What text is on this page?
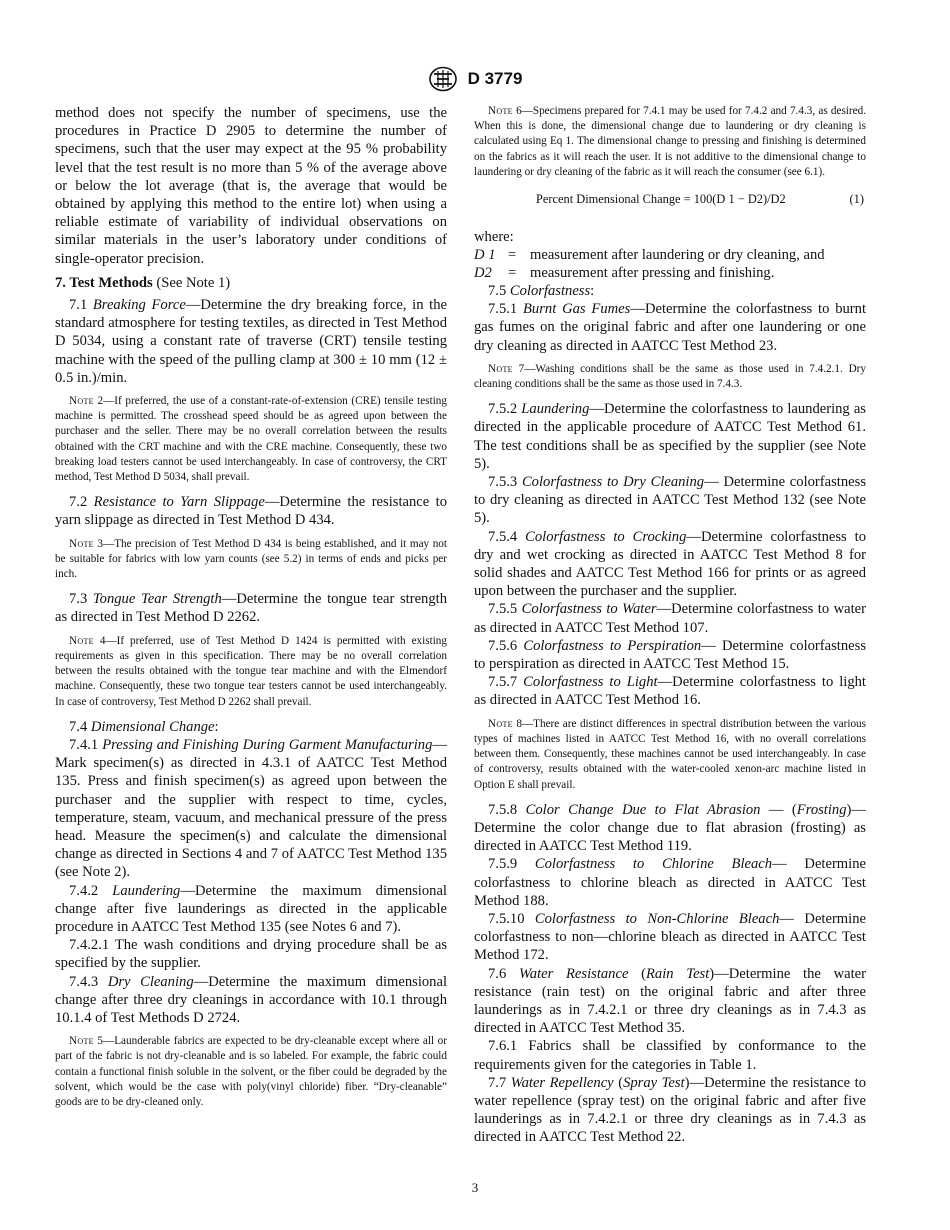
D 3779

method does not specify the number of specimens, use the procedures in Practice D 2905 to determine the number of specimens, such that the user may expect at the 95 % probability level that the test result is no more than 5 % of the average above or below the lot average (that is, the average that would be obtained by applying this method to the entire lot) when using a reliable estimate of variability of individual observations on similar materials in the user’s laboratory under conditions of single-operator precision.

7. Test Methods (See Note 1)

7.1 Breaking Force—Determine the dry breaking force, in the standard atmosphere for testing textiles, as directed in Test Method D 5034, using a constant rate of traverse (CRT) tensile testing machine with the speed of the pulling clamp at 300 ± 10 mm (12 ± 0.5 in.)/min.

Note 2—If preferred, the use of a constant-rate-of-extension (CRE) tensile testing machine is permitted. The crosshead speed should be as agreed upon between the purchaser and the seller. There may be no overall correlation between the results obtained with the CRT machine and with the CRE machine. Consequently, these two breaking load testers cannot be used interchangeably. In case of controversy, the CRT method, Test Method D 5034, shall prevail.

7.2 Resistance to Yarn Slippage—Determine the resistance to yarn slippage as directed in Test Method D 434.

Note 3—The precision of Test Method D 434 is being established, and it may not be suitable for fabrics with low yarn counts (see 5.2) in terms of ends and picks per inch.

7.3 Tongue Tear Strength—Determine the tongue tear strength as directed in Test Method D 2262.

Note 4—If preferred, use of Test Method D 1424 is permitted with existing requirements as given in this specification. There may be no overall correlation between the results obtained with the tongue tear machine and with the Elmendorf machine. Consequently, these two tongue tear testers cannot be used interchangeably. In case of controversy, Test Method D 2262 shall prevail.

7.4 Dimensional Change:

7.4.1 Pressing and Finishing During Garment Manufacturing—Mark specimen(s) as directed in 4.3.1 of AATCC Test Method 135. Press and finish specimen(s) as agreed upon between the purchaser and the supplier with respect to time, cycles, temperature, steam, vacuum, and mechanical pressure of the press head. Measure the specimen(s) and calculate the dimensional change as directed in Sections 4 and 7 of AATCC Test Method 135 (see Note 2).

7.4.2 Laundering—Determine the maximum dimensional change after five launderings as directed in the applicable procedure in AATCC Test Method 135 (see Notes 6 and 7).

7.4.2.1 The wash conditions and drying procedure shall be as specified by the supplier.

7.4.3 Dry Cleaning—Determine the maximum dimensional change after three dry cleanings in accordance with 10.1 through 10.1.4 of Test Methods D 2724.

Note 5—Launderable fabrics are expected to be dry-cleanable except where all or part of the fabric is not dry-cleanable and is so labeled. For example, the fabric could contain a functional finish soluble in the solvent, or the fiber could be degraded by the solvent, which would be the case with poly(vinyl chloride) fiber. “Dry-cleanable” goods are to be dry-cleaned only.

Note 6—Specimens prepared for 7.4.1 may be used for 7.4.2 and 7.4.3, as desired. When this is done, the dimensional change due to laundering or dry cleaning is calculated using Eq 1. The dimensional change to pressing and finishing is determined on the fabrics as it will reach the user. It is not additive to the dimensional change to laundering or dry cleaning of the fabric as it will reach the consumer (see 6.1).

Percent Dimensional Change = 100(D 1 − D2)/D2	(1)

where:

D 1 = measurement after laundering or dry cleaning, and
D2	= measurement after pressing and finishing.

7.5 Colorfastness:

7.5.1 Burnt Gas Fumes—Determine the colorfastness to burnt gas fumes on the original fabric and after one laundering or one dry cleaning as directed in AATCC Test Method 23.

Note 7—Washing conditions shall be the same as those used in 7.4.2.1. Dry cleaning conditions shall be the same as those used in 7.4.3.

7.5.2 Laundering—Determine the colorfastness to laundering as directed in the applicable procedure of AATCC Test Method 61. The test conditions shall be as specified by the supplier (see Note 5).

7.5.3 Colorfastness to Dry Cleaning— Determine colorfastness to dry cleaning as directed in AATCC Test Method 132 (see Note 5).

7.5.4 Colorfastness to Crocking—Determine colorfastness to dry and wet crocking as directed in AATCC Test Method 8 for solid shades and AATCC Test Method 166 for prints or as agreed upon between the purchaser and the supplier.

7.5.5 Colorfastness to Water—Determine colorfastness to water as directed in AATCC Test Method 107.

7.5.6 Colorfastness to Perspiration— Determine colorfastness to perspiration as directed in AATCC Test Method 15.

7.5.7 Colorfastness to Light—Determine colorfastness to light as directed in AATCC Test Method 16.

Note 8—There are distinct differences in spectral distribution between the various types of machines listed in AATCC Test Method 16, with no overall correlations between them. Consequently, these machines cannot be used interchangeably. In case of controversy, results obtained with the water-cooled xenon-arc machine listed in Option E shall prevail.

7.5.8 Color Change Due to Flat Abrasion — (Frosting)—Determine the color change due to flat abrasion (frosting) as directed in AATCC Test Method 119.

7.5.9 Colorfastness to Chlorine Bleach— Determine colorfastness to chlorine bleach as directed in AATCC Test Method 188.

7.5.10 Colorfastness to Non-Chlorine Bleach— Determine colorfastness to non—chlorine bleach as directed in AATCC Test Method 172.

7.6 Water Resistance (Rain Test)—Determine the water resistance (rain test) on the original fabric and after three launderings as in 7.4.2.1 or three dry cleanings as in 7.4.3 as directed in AATCC Test Method 35.

7.6.1 Fabrics shall be classified by conformance to the requirements given for the categories in Table 1.

7.7 Water Repellency (Spray Test)—Determine the resistance to water repellence (spray test) on the original fabric and after five launderings as in 7.4.2.1 or three dry cleanings as in 7.4.3 as directed in AATCC Test Method 22.

3
